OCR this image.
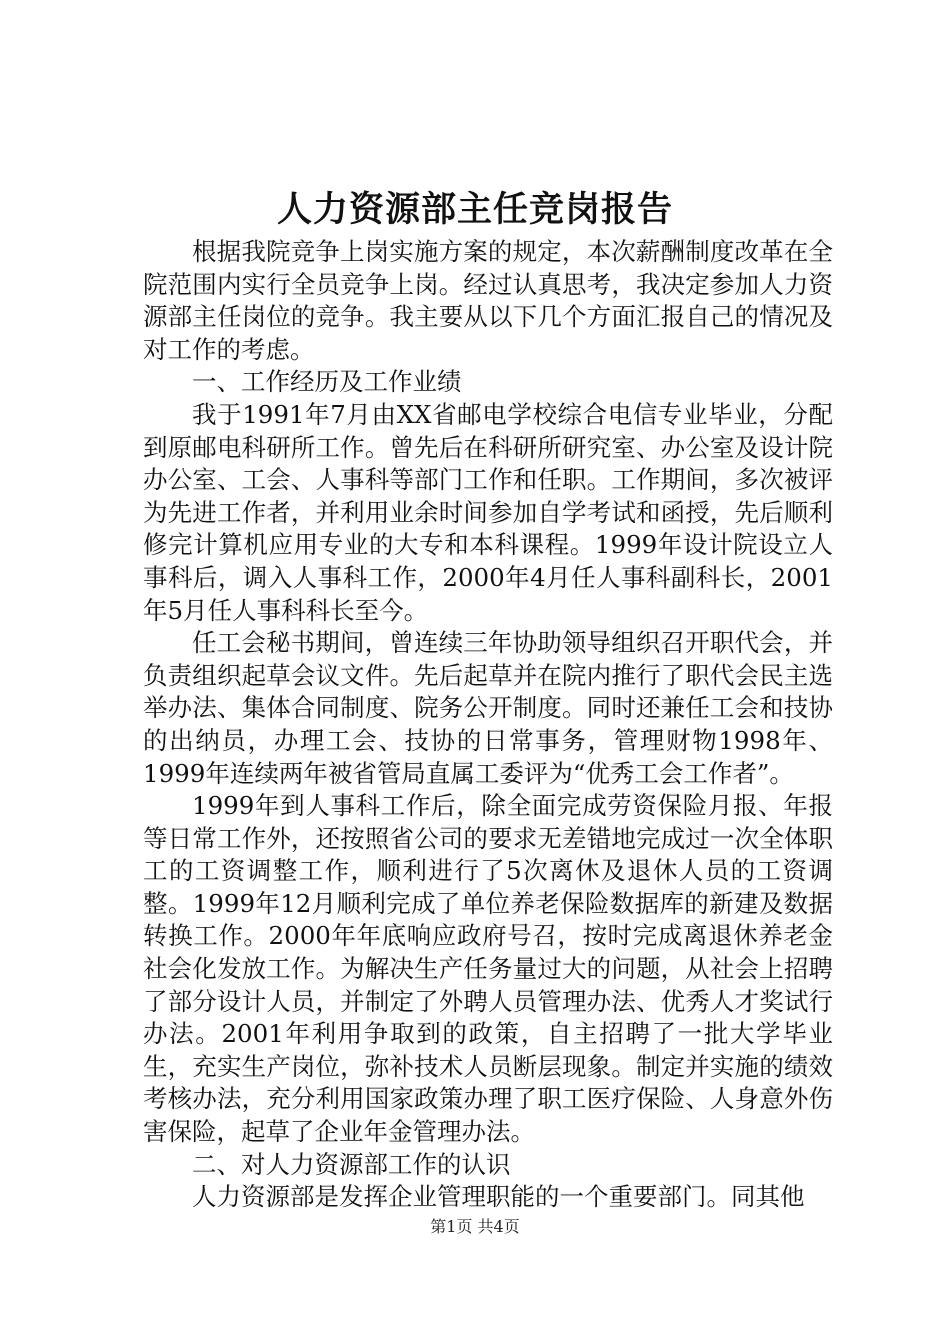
人力资源部主任竞岗报告

根据我院竞争上岗实施方案的规定，本次薪酬制度改革在全院范围内实行全员竞争上岗。经过认真思考，我决定参加人力资源部主任岗位的竞争。我主要从以下几个方面汇报自己的情况及对工作的考虑。

一、工作经历及工作业绩

我于1991年7月由XX省邮电学校综合电信专业毕业，分配到原邮电科研所工作。曾先后在科研所研究室、办公室及设计院办公室、工会、人事科等部门工作和任职。工作期间，多次被评为先进工作者，并利用业余时间参加自学考试和函授，先后顺利修完计算机应用专业的大专和本科课程。1999年设计院设立人事科后，调入人事科工作，2000年4月任人事科副科长，2001年5月任人事科科长至今。

任工会秘书期间，曾连续三年协助领导组织召开职代会，并负责组织起草会议文件。先后起草并在院内推行了职代会民主选举办法、集体合同制度、院务公开制度。同时还兼任工会和技协的出纳员，办理工会、技协的日常事务，管理财物1998年、1999年连续两年被省管局直属工委评为“优秀工会工作者”。

1999年到人事科工作后，除全面完成劳资保险月报、年报等日常工作外，还按照省公司的要求无差错地完成过一次全体职工的工资调整工作，顺利进行了5次离休及退休人员的工资调整。1999年12月顺利完成了单位养老保险数据库的新建及数据转换工作。2000年年底响应政府号召，按时完成离退休养老金社会化发放工作。为解决生产任务量过大的问题，从社会上招聘了部分设计人员，并制定了外聘人员管理办法、优秀人才奖试行办法。2001年利用争取到的政策，自主招聘了一批大学毕业生，充实生产岗位，弥补技术人员断层现象。制定并实施的绩效考核办法，充分利用国家政策办理了职工医疗保险、人身意外伤害保险，起草了企业年金管理办法。

二、对人力资源部工作的认识

人力资源部是发挥企业管理职能的一个重要部门。同其他

第1页 共4页
